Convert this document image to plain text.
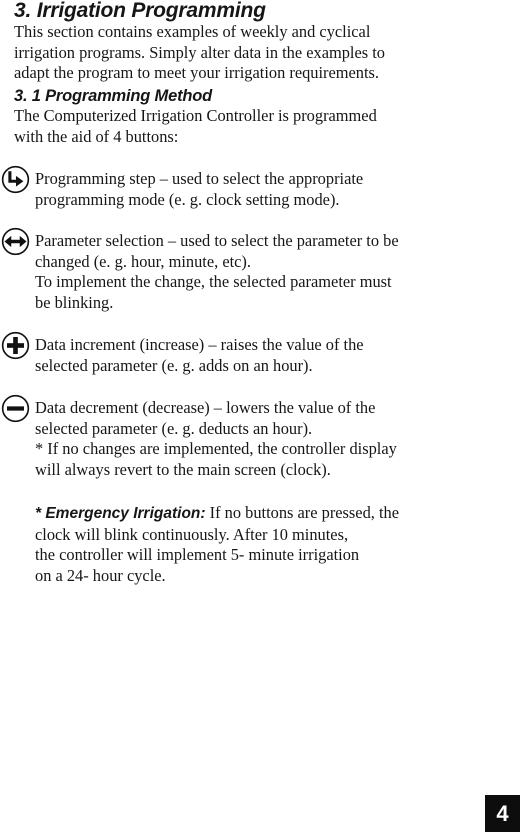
3. Irrigation Programming
This section contains examples of weekly and cyclical
irrigation programs. Simply alter data in the examples to
adapt the program to meet your irrigation requirements.
3. 1 Programming Method
The Computerized Irrigation Controller is programmed
with the aid of 4 buttons:
Programming step – used to select the appropriate
programming mode (e. g. clock setting mode).
Parameter selection – used to select the parameter to be
changed (e. g. hour, minute, etc).
To implement the change, the selected parameter must
be blinking.
Data increment (increase) – raises the value of the
selected parameter (e. g. adds on an hour).
Data decrement (decrease) – lowers the value of the
selected parameter (e. g. deducts an hour).
* If no changes are implemented, the controller display
will always revert to the main screen (clock).
* Emergency Irrigation: If no buttons are pressed, the
clock will blink continuously. After 10 minutes,
the controller will implement 5- minute irrigation
on a 24- hour cycle.
4
